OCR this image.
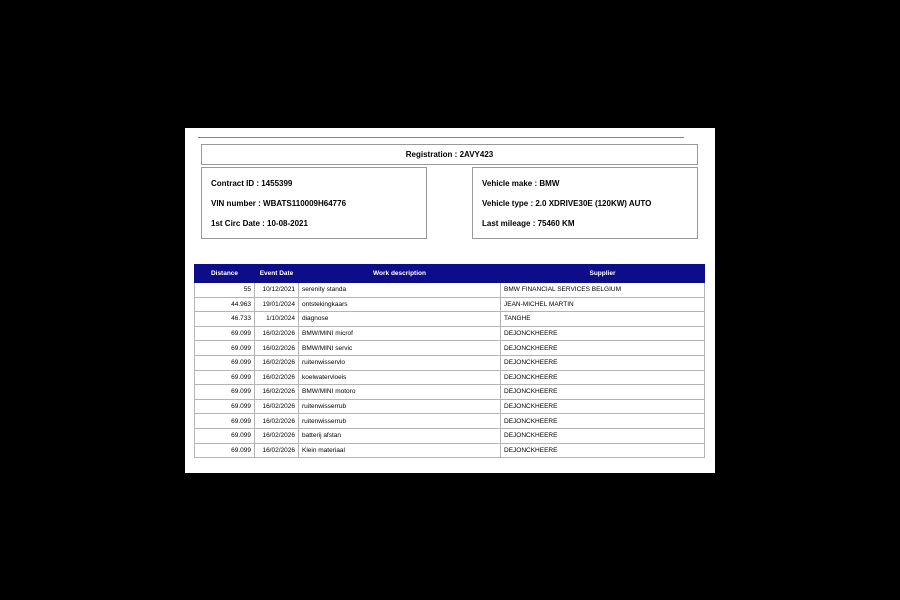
Registration :
2AVY423
Contract ID : 1455399
VIN number : WBATS110009H64776
1st Circ Date : 10-08-2021
Vehicle make : BMW
Vehicle type : 2.0 XDRIVE30E (120KW) AUTO
Last mileage : 75460 KM
Distance	Event Date	Work description	Supplier
55	10/12/2021	serenity standa	BMW FINANCIAL SERVICES BELGIUM
44.963	19/01/2024	ontstekingkaars	JEAN-MICHEL MARTIN
46.733	1/10/2024	diagnose	TANGHE
69.099	16/02/2026	BMW/MINI microf	DEJONCKHEERE
69.099	16/02/2026	BMW/MINI servic	DEJONCKHEERE
69.099	16/02/2026	ruitenwisservlo	DEJONCKHEERE
69.099	16/02/2026	koelwatervloeis	DEJONCKHEERE
69.099	16/02/2026	BMW/MINI motoro	DEJONCKHEERE
69.099	16/02/2026	ruitenwisserrub	DEJONCKHEERE
69.099	16/02/2026	ruitenwisserrub	DEJONCKHEERE
69.099	16/02/2026	batterij afstan	DEJONCKHEERE
69.099	16/02/2026	Klein materiaal	DEJONCKHEERE
